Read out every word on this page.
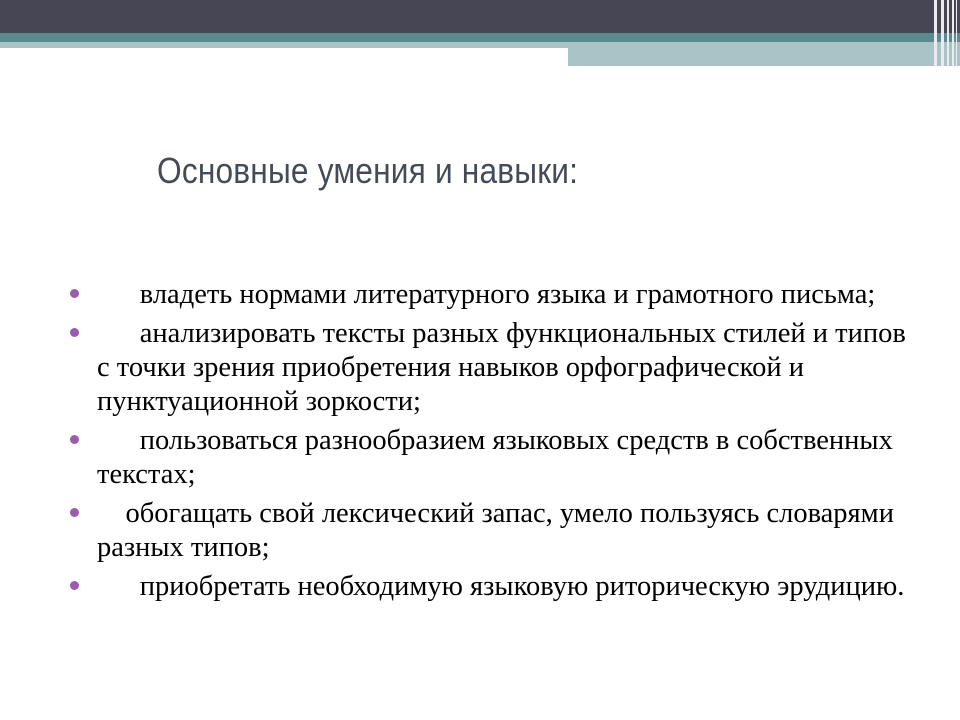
Основные умения и навыки:
владеть нормами литературного языка и грамотного письма;
анализировать тексты разных функциональных стилей и типов с точки зрения приобретения навыков орфографической и пунктуационной зоркости;
пользоваться разнообразием языковых средств в собственных текстах;
обогащать свой лексический запас, умело пользуясь словарями разных типов;
приобретать необходимую языковую риторическую эрудицию.
